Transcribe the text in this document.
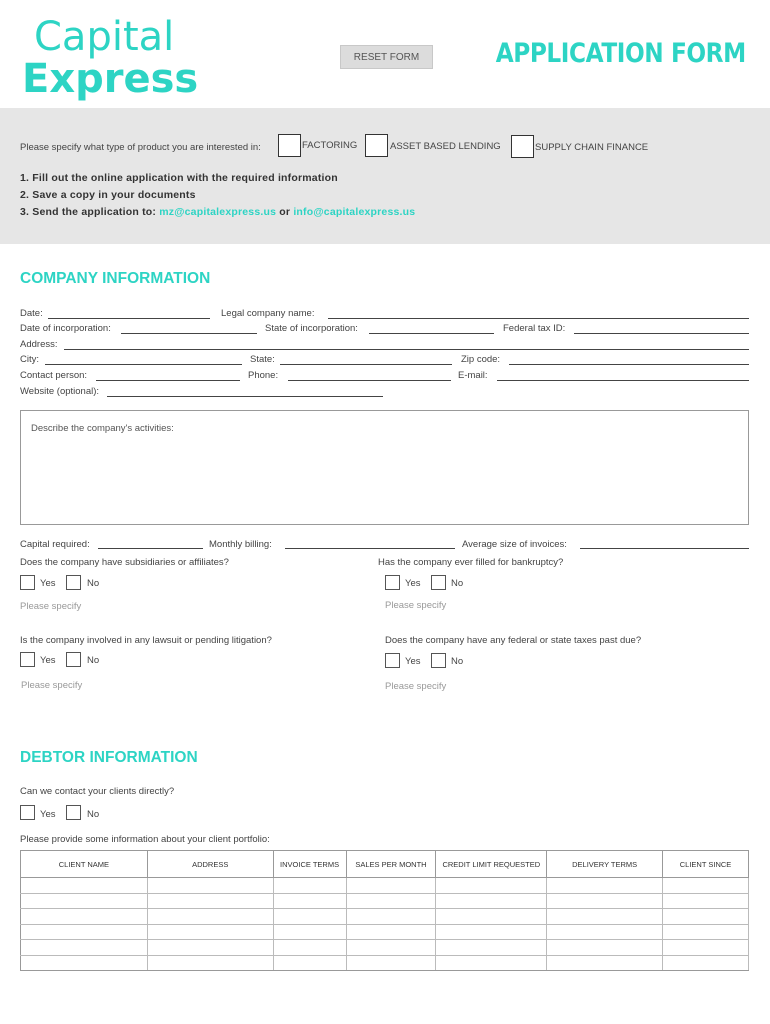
Capital
Express	RESET FORM	APPLICATION FORM
Please specify what type of product you are interested in:	FACTORING	ASSET BASED LENDING	SUPPLY CHAIN FINANCE
1. Fill out the online application with the required information
2. Save a copy in your documents
3. Send the application to: mz@capitalexpress.us or info@capitalexpress.us
COMPANY INFORMATION
Date:	Legal company name:
Date of incorporation:	State of incorporation:	Federal tax ID:
Address:
City:	State:	Zip code:
Contact person:	Phone:	E-mail:
Website (optional):
Describe the company's activities:
Capital required:	Monthly billing:	Average size of invoices:
Does the company have subsidiaries or affiliates?
Yes	No
Please specify
Has the company ever filled for bankruptcy?
Yes	No
Please specify
Is the company involved in any lawsuit or pending litigation?
Yes	No
Please specify
Does the company have any federal or state taxes past due?
Yes	No
Please specify
DEBTOR INFORMATION
Can we contact your clients directly?
Yes	No
Please provide some information about your client portfolio:
CLIENT NAME	ADDRESS	INVOICE TERMS	SALES PER MONTH	CREDIT LIMIT REQUESTED	DELIVERY TERMS	CLIENT SINCE
